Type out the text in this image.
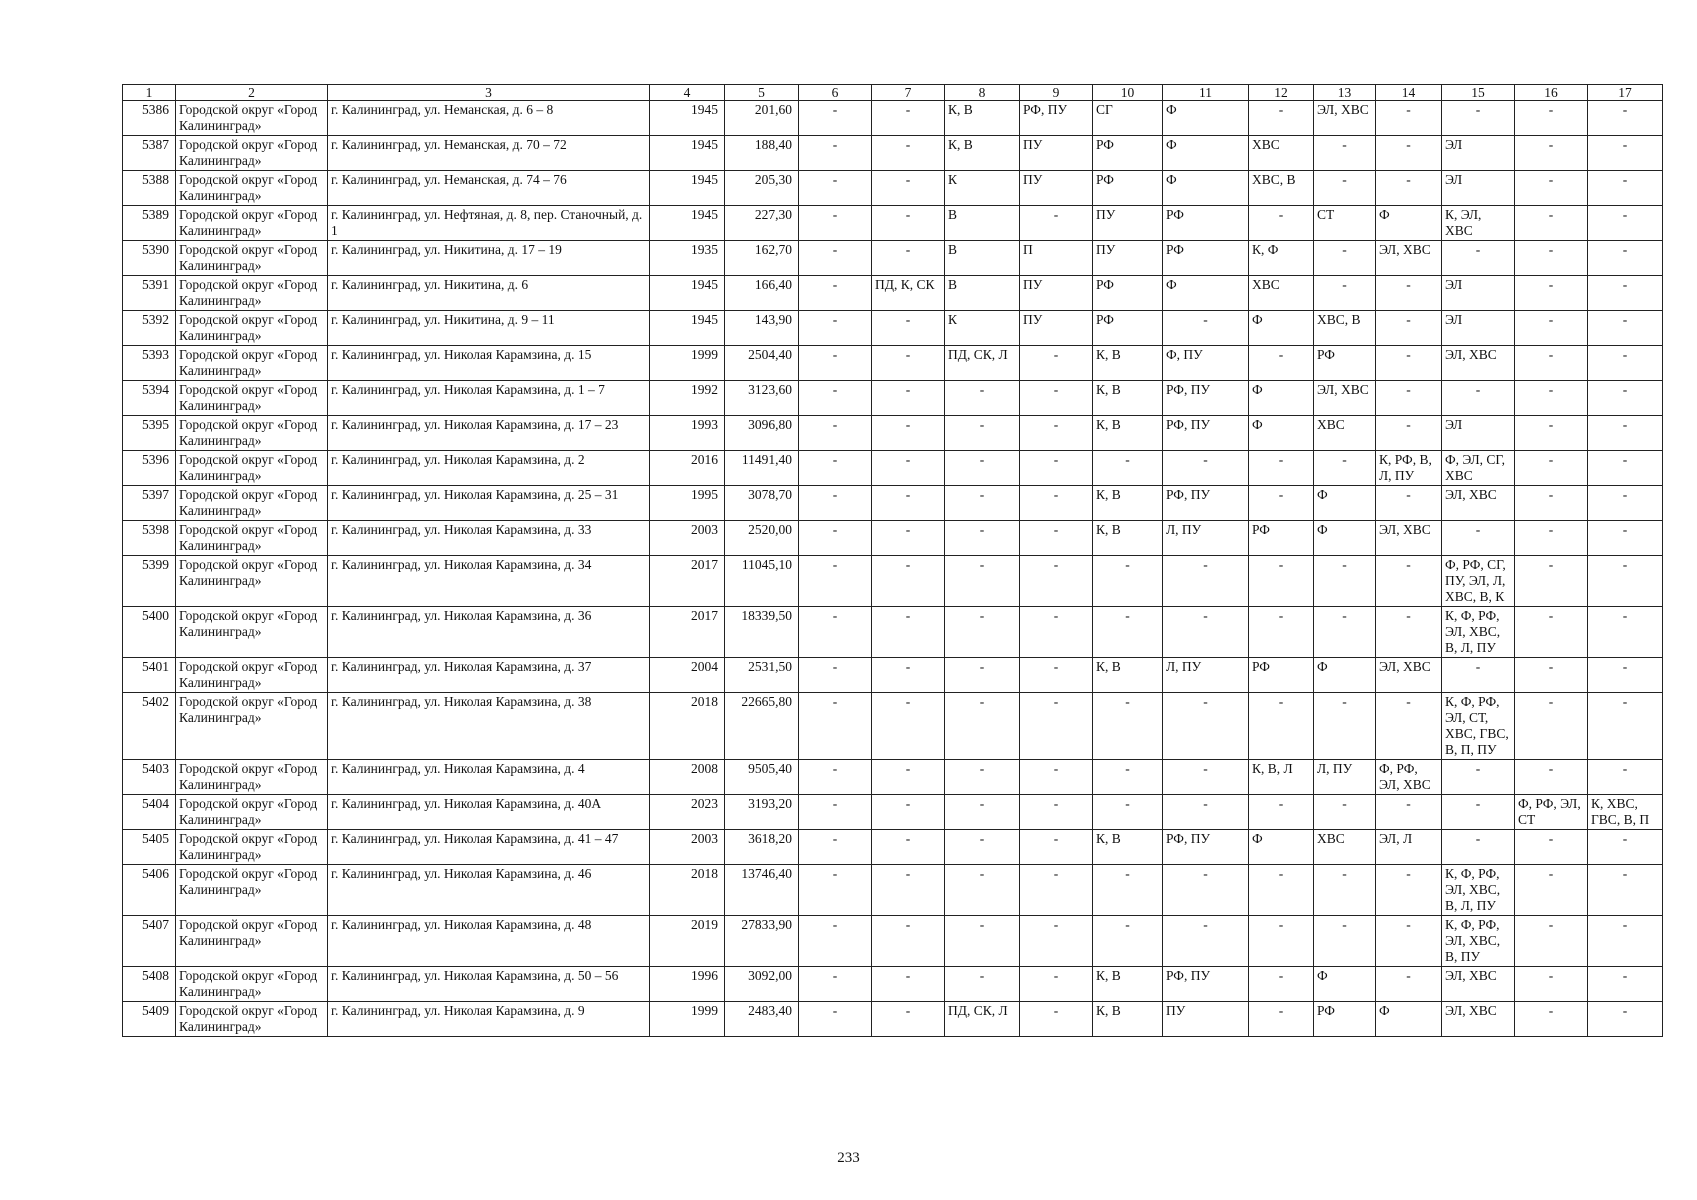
1	2	3	4	5	6	7	8	9	10	11	12	13	14	15	16	17
5386	Городской округ «Город Калининград»	г. Калининград, ул. Неманская, д. 6 – 8	1945	201,60	-	-	К, В	РФ, ПУ	СГ	Ф	-	ЭЛ, ХВС	-	-	-	-
5387	Городской округ «Город Калининград»	г. Калининград, ул. Неманская, д. 70 – 72	1945	188,40	-	-	К, В	ПУ	РФ	Ф	ХВС	-	-	ЭЛ	-	-
5388	Городской округ «Город Калининград»	г. Калининград, ул. Неманская, д. 74 – 76	1945	205,30	-	-	К	ПУ	РФ	Ф	ХВС, В	-	-	ЭЛ	-	-
5389	Городской округ «Город Калининград»	г. Калининград, ул. Нефтяная, д. 8, пер. Станочный, д. 1	1945	227,30	-	-	В	-	ПУ	РФ	-	СТ	Ф	К, ЭЛ, ХВС	-	-
5390	Городской округ «Город Калининград»	г. Калининград, ул. Никитина, д. 17 – 19	1935	162,70	-	-	В	П	ПУ	РФ	К, Ф	-	ЭЛ, ХВС	-	-	-
5391	Городской округ «Город Калининград»	г. Калининград, ул. Никитина, д. 6	1945	166,40	-	ПД, К, СК	В	ПУ	РФ	Ф	ХВС	-	-	ЭЛ	-	-
5392	Городской округ «Город Калининград»	г. Калининград, ул. Никитина, д. 9 – 11	1945	143,90	-	-	К	ПУ	РФ	-	Ф	ХВС, В	-	ЭЛ	-	-
5393	Городской округ «Город Калининград»	г. Калининград, ул. Николая Карамзина, д. 15	1999	2504,40	-	-	ПД, СК, Л	-	К, В	Ф, ПУ	-	РФ	-	ЭЛ, ХВС	-	-
5394	Городской округ «Город Калининград»	г. Калининград, ул. Николая Карамзина, д. 1 – 7	1992	3123,60	-	-	-	-	К, В	РФ, ПУ	Ф	ЭЛ, ХВС	-	-	-	-
5395	Городской округ «Город Калининград»	г. Калининград, ул. Николая Карамзина, д. 17 – 23	1993	3096,80	-	-	-	-	К, В	РФ, ПУ	Ф	ХВС	-	ЭЛ	-	-
5396	Городской округ «Город Калининград»	г. Калининград, ул. Николая Карамзина, д. 2	2016	11491,40	-	-	-	-	-	-	-	-	К, РФ, В, Л, ПУ	Ф, ЭЛ, СГ, ХВС	-	-
5397	Городской округ «Город Калининград»	г. Калининград, ул. Николая Карамзина, д. 25 – 31	1995	3078,70	-	-	-	-	К, В	РФ, ПУ	-	Ф	-	ЭЛ, ХВС	-	-
5398	Городской округ «Город Калининград»	г. Калининград, ул. Николая Карамзина, д. 33	2003	2520,00	-	-	-	-	К, В	Л, ПУ	РФ	Ф	ЭЛ, ХВС	-	-	-
5399	Городской округ «Город Калининград»	г. Калининград, ул. Николая Карамзина, д. 34	2017	11045,10	-	-	-	-	-	-	-	-	-	Ф, РФ, СГ, ПУ, ЭЛ, Л, ХВС, В, К	-	-
5400	Городской округ «Город Калининград»	г. Калининград, ул. Николая Карамзина, д. 36	2017	18339,50	-	-	-	-	-	-	-	-	-	К, Ф, РФ, ЭЛ, ХВС, В, Л, ПУ	-	-
5401	Городской округ «Город Калининград»	г. Калининград, ул. Николая Карамзина, д. 37	2004	2531,50	-	-	-	-	К, В	Л, ПУ	РФ	Ф	ЭЛ, ХВС	-	-	-
5402	Городской округ «Город Калининград»	г. Калининград, ул. Николая Карамзина, д. 38	2018	22665,80	-	-	-	-	-	-	-	-	-	К, Ф, РФ, ЭЛ, СТ, ХВС, ГВС, В, П, ПУ	-	-
5403	Городской округ «Город Калининград»	г. Калининград, ул. Николая Карамзина, д. 4	2008	9505,40	-	-	-	-	-	-	К, В, Л	Л, ПУ	Ф, РФ, ЭЛ, ХВС	-	-	-
5404	Городской округ «Город Калининград»	г. Калининград, ул. Николая Карамзина, д. 40А	2023	3193,20	-	-	-	-	-	-	-	-	-	-	Ф, РФ, ЭЛ, СТ	К, ХВС, ГВС, В, П
5405	Городской округ «Город Калининград»	г. Калининград, ул. Николая Карамзина, д. 41 – 47	2003	3618,20	-	-	-	-	К, В	РФ, ПУ	Ф	ХВС	ЭЛ, Л	-	-	-
5406	Городской округ «Город Калининград»	г. Калининград, ул. Николая Карамзина, д. 46	2018	13746,40	-	-	-	-	-	-	-	-	-	К, Ф, РФ, ЭЛ, ХВС, В, Л, ПУ	-	-
5407	Городской округ «Город Калининград»	г. Калининград, ул. Николая Карамзина, д. 48	2019	27833,90	-	-	-	-	-	-	-	-	-	К, Ф, РФ, ЭЛ, ХВС, В, ПУ	-	-
5408	Городской округ «Город Калининград»	г. Калининград, ул. Николая Карамзина, д. 50 – 56	1996	3092,00	-	-	-	-	К, В	РФ, ПУ	-	Ф	-	ЭЛ, ХВС	-	-
5409	Городской округ «Город Калининград»	г. Калининград, ул. Николая Карамзина, д. 9	1999	2483,40	-	-	ПД, СК, Л	-	К, В	ПУ	-	РФ	Ф	ЭЛ, ХВС	-	-
233
